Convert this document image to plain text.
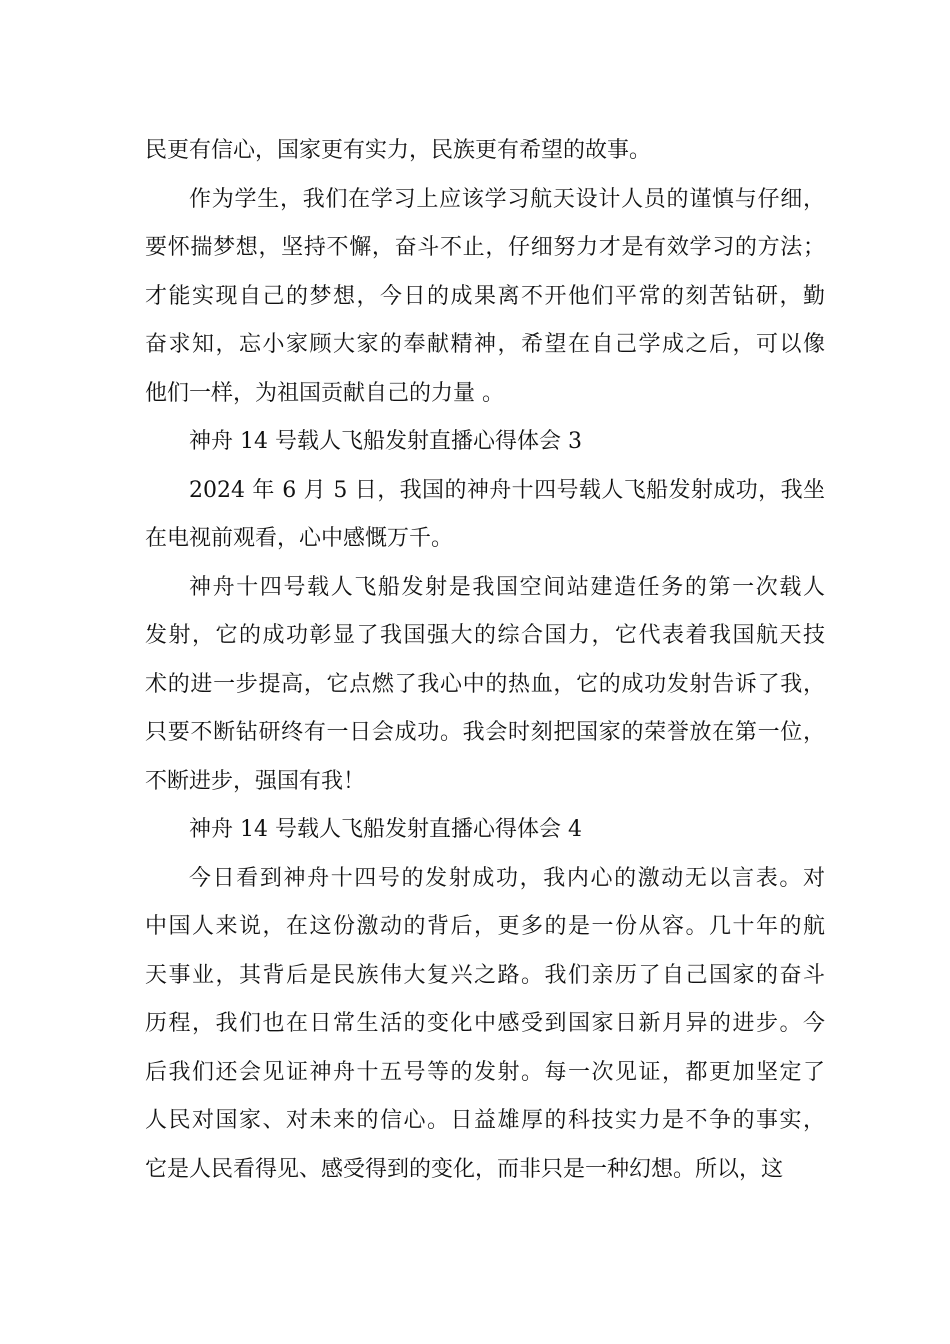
民更有信心，国家更有实力，民族更有希望的故事。
作为学生，我们在学习上应该学习航天设计人员的谨慎与仔细，
要怀揣梦想，坚持不懈，奋斗不止，仔细努力才是有效学习的方法；
才能实现自己的梦想，今日的成果离不开他们平常的刻苦钻研，勤
奋求知，忘小家顾大家的奉献精神，希望在自己学成之后，可以像
他们一样，为祖国贡献自己的力量 。
神舟 14 号载人飞船发射直播心得体会 3
2024 年 6 月 5 日，我国的神舟十四号载人飞船发射成功，我坐
在电视前观看，心中感慨万千。
神舟十四号载人飞船发射是我国空间站建造任务的第一次载人
发射，它的成功彰显了我国强大的综合国力，它代表着我国航天技
术的进一步提高，它点燃了我心中的热血，它的成功发射告诉了我，
只要不断钻研终有一日会成功。我会时刻把国家的荣誉放在第一位，
不断进步，强国有我！
神舟 14 号载人飞船发射直播心得体会 4
今日看到神舟十四号的发射成功，我内心的激动无以言表。对
中国人来说，在这份激动的背后，更多的是一份从容。几十年的航
天事业，其背后是民族伟大复兴之路。我们亲历了自己国家的奋斗
历程，我们也在日常生活的变化中感受到国家日新月异的进步。今
后我们还会见证神舟十五号等的发射。每一次见证，都更加坚定了
人民对国家、对未来的信心。日益雄厚的科技实力是不争的事实，
它是人民看得见、感受得到的变化，而非只是一种幻想。所以，这
